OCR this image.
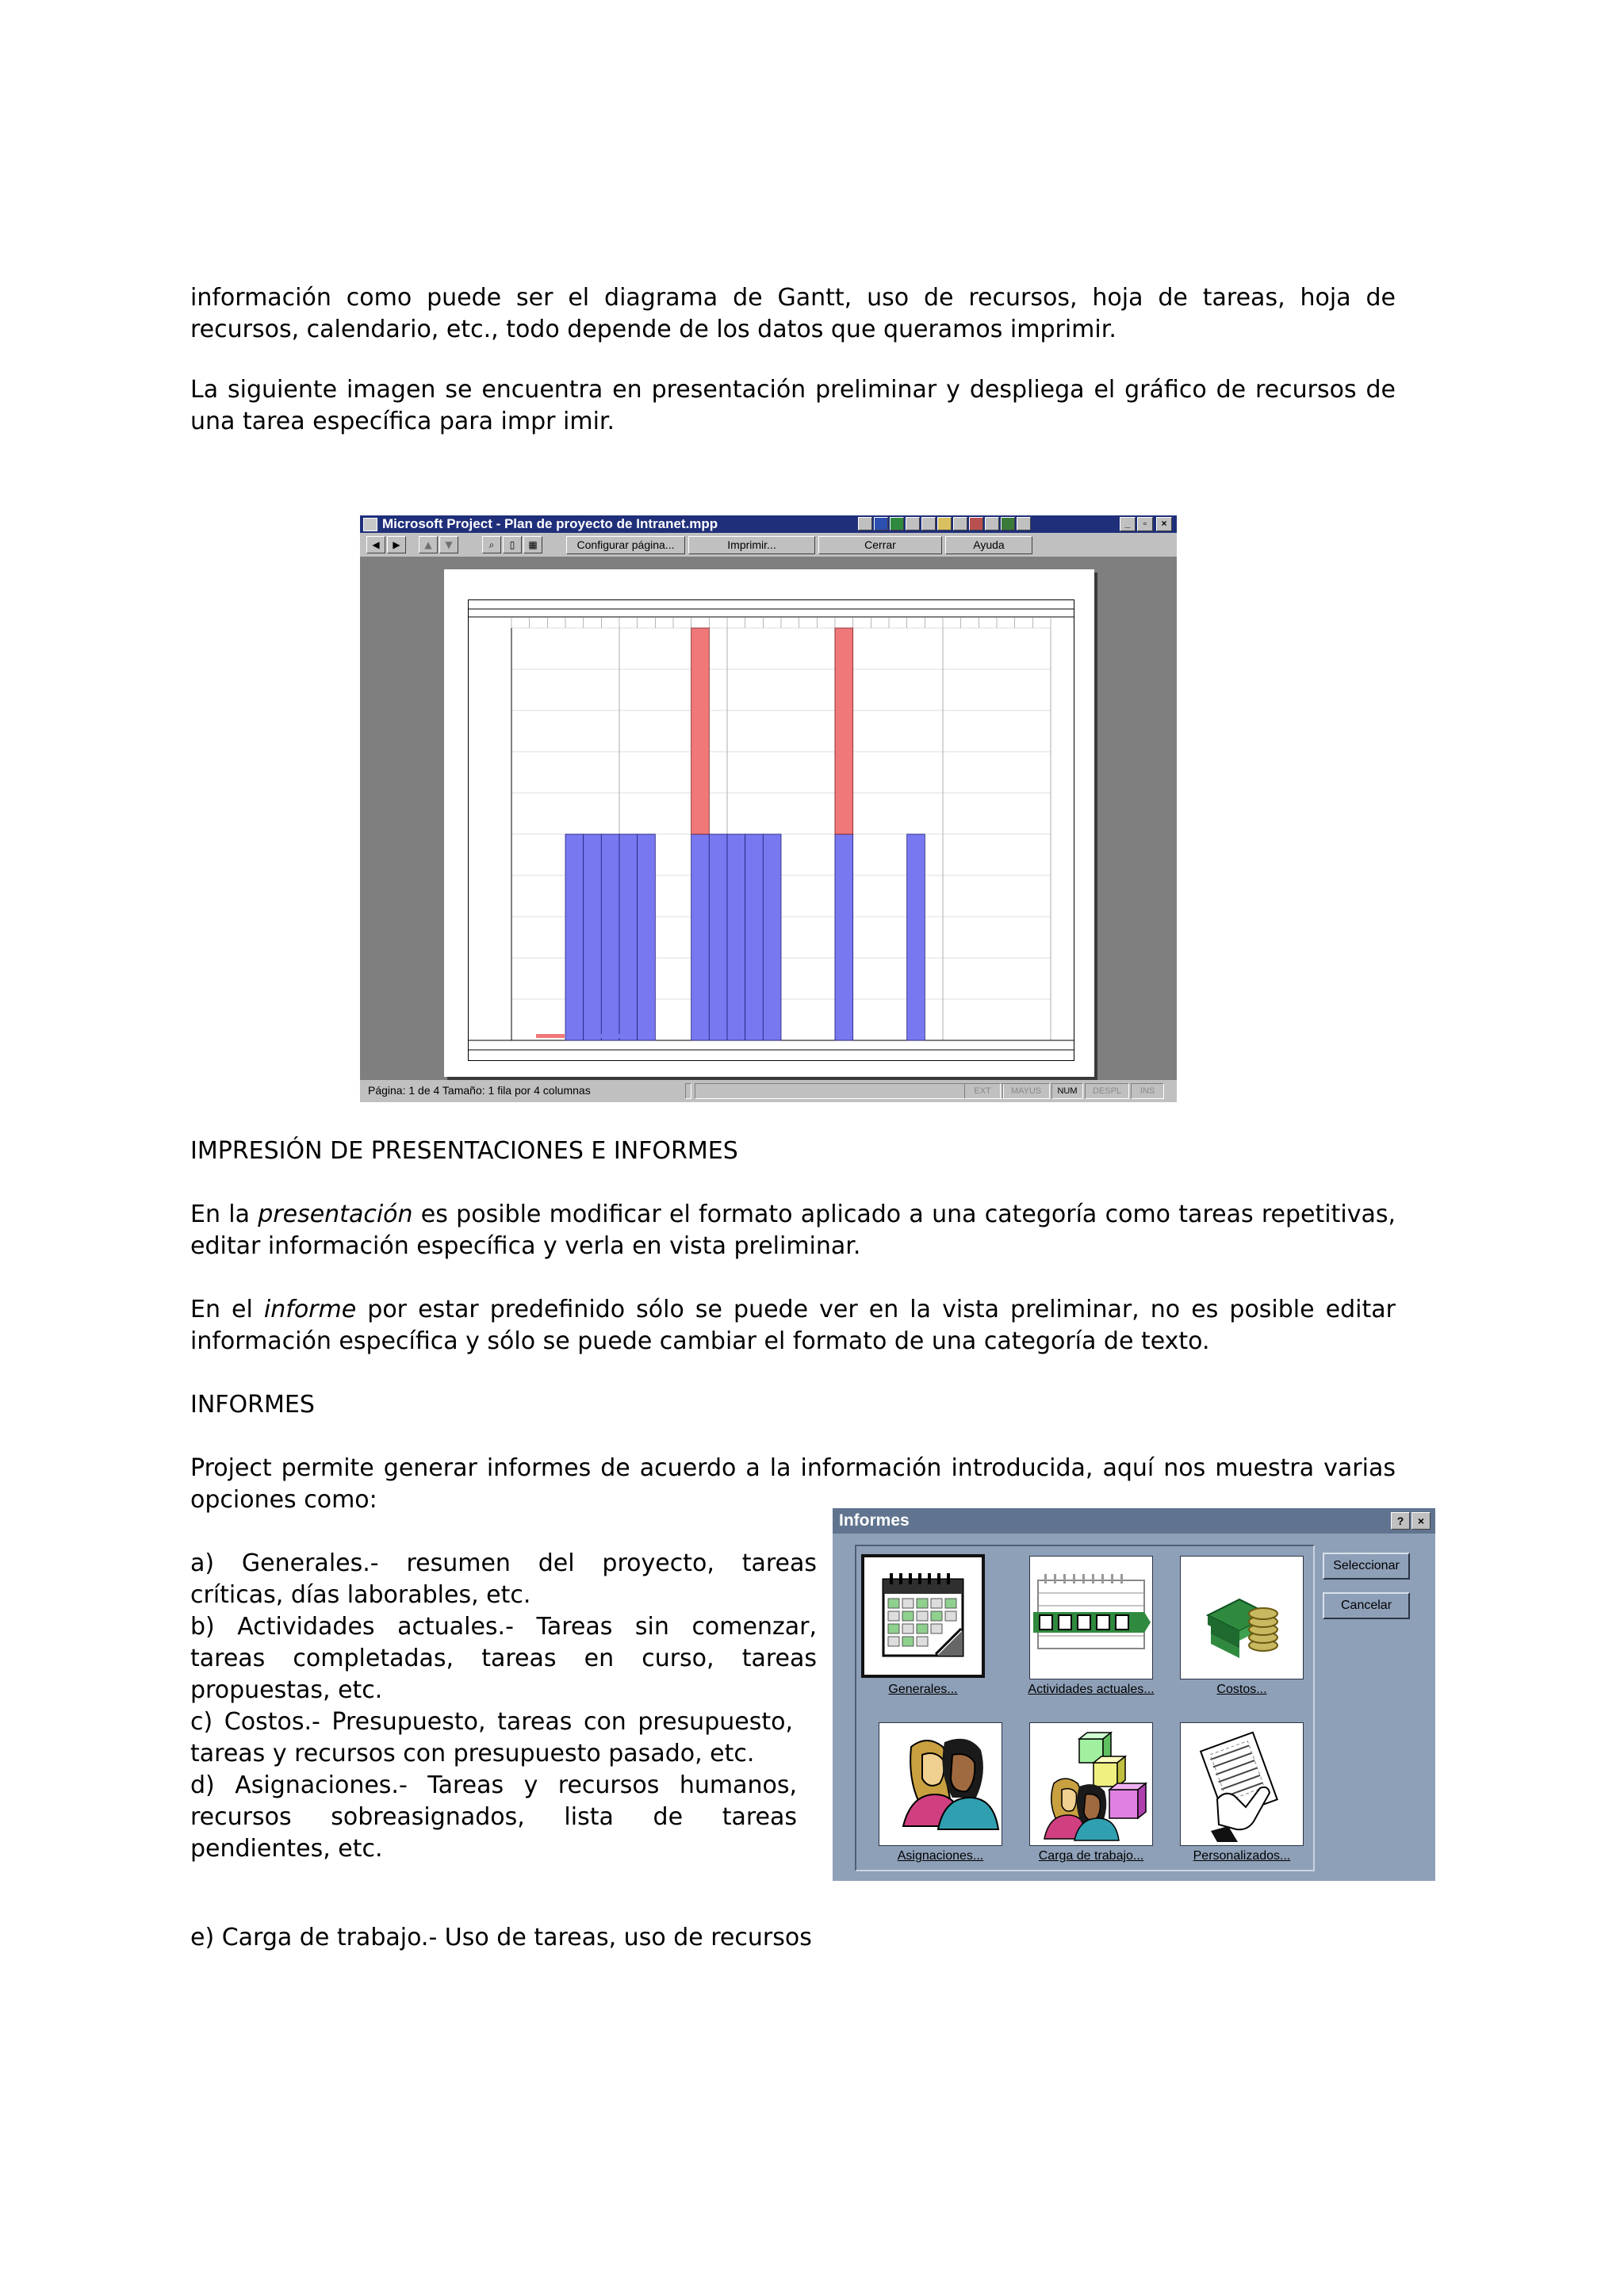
información como puede ser el diagrama de Gantt, uso de recursos, hoja de tareas, hoja de recursos, calendario, etc., todo depende de los datos que queramos imprimir.

La siguiente imagen se encuentra en presentación preliminar y despliega el gráfico de recursos de una tarea específica para impr imir.

Microsoft Project - Plan de proyecto de Intranet.mpp	_	▫	×
◀	▶	▲	▼	⌕	▯	▦	Configurar página...	Imprimir...	Cerrar	Ayuda
Página: 1 de 4 Tamaño: 1 fila por 4 columnas	EXT	MAYUS	NUM	DESPL	INS

IMPRESIÓN DE PRESENTACIONES E INFORMES

En la presentación es posible modificar el formato aplicado a una categoría como tareas repetitivas, editar información específica y verla en vista preliminar.

En el informe por estar predefinido sólo se puede ver en la vista preliminar, no es posible editar información específica y sólo se puede cambiar el formato de una categoría de texto.

INFORMES

Project permite generar informes de acuerdo a la información introducida, aquí nos muestra varias opciones como:

a) Generales.- resumen del proyecto, tareas críticas, días laborables, etc.

b) Actividades actuales.- Tareas sin comenzar, tareas completadas, tareas en curso, tareas propuestas, etc.

c) Costos.- Presupuesto, tareas con presupuesto, tareas y recursos con presupuesto pasado, etc.

d) Asignaciones.- Tareas y recursos humanos, recursos sobreasignados, lista de tareas pendientes, etc.

e) Carga de trabajo.- Uso de tareas, uso de recursos

Informes	?	×
Generales...	Actividades actuales...	Costos...
Asignaciones...	Carga de trabajo...	Personalizados...
Seleccionar
Cancelar
